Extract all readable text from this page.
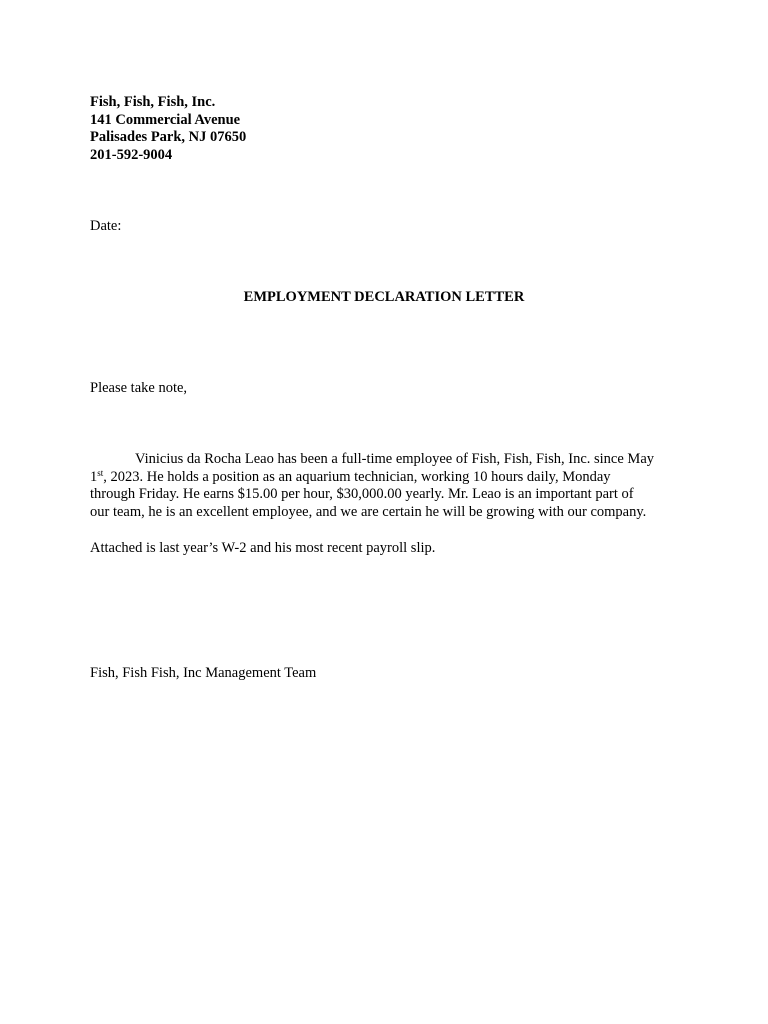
Fish, Fish, Fish, Inc.
141 Commercial Avenue
Palisades Park, NJ 07650
201-592-9004
Date:
EMPLOYMENT DECLARATION LETTER
Please take note,
Vinicius da Rocha Leao has been a full-time employee of Fish, Fish, Fish, Inc. since May
1st, 2023. He holds a position as an aquarium technician, working 10 hours daily, Monday
through Friday. He earns $15.00 per hour, $30,000.00 yearly. Mr. Leao is an important part of
our team, he is an excellent employee, and we are certain he will be growing with our company.
Attached is last year’s W-2 and his most recent payroll slip.
Fish, Fish Fish, Inc Management Team
